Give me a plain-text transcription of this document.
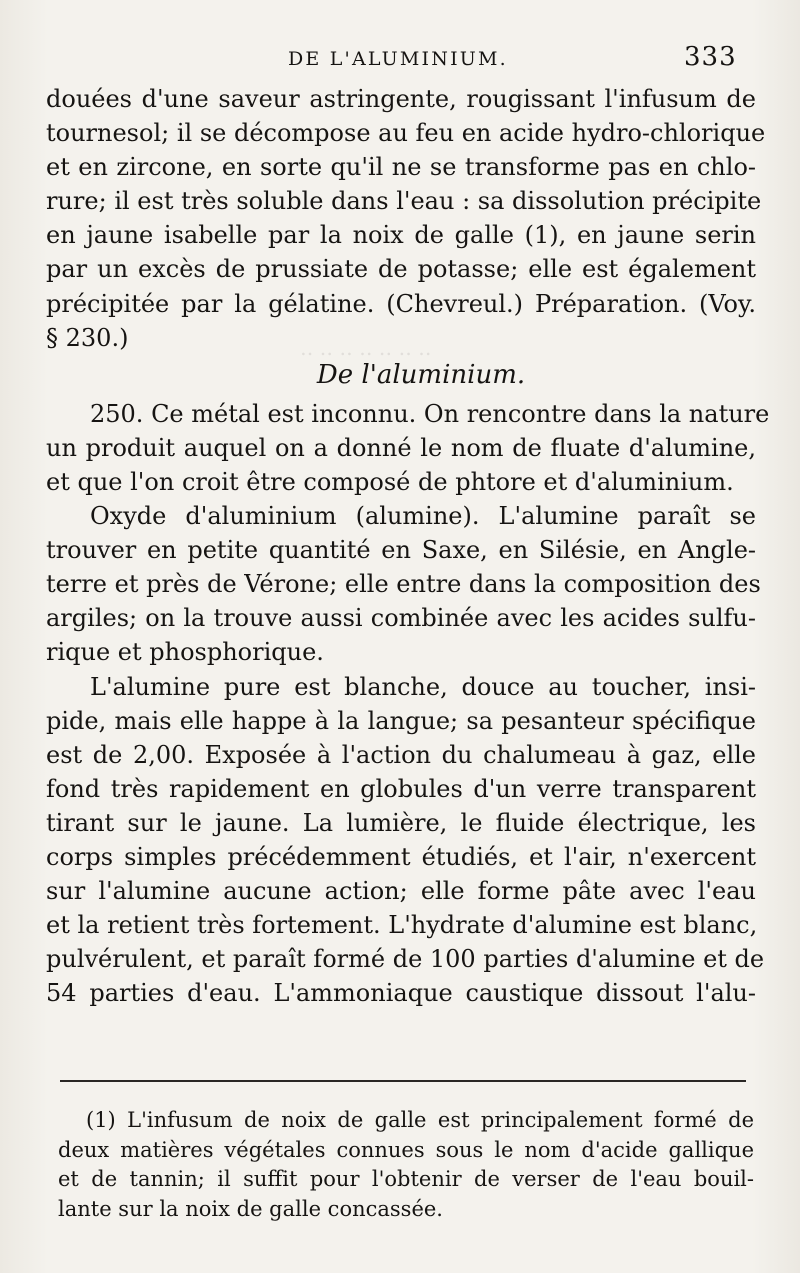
‥ ‥ ‥ ‥ ‥ ‥ ‥
DE L'ALUMINIUM.	333
douées d'une saveur astringente, rougissant l'infusum de
tournesol; il se décompose au feu en acide hydro-chlorique
et en zircone, en sorte qu'il ne se transforme pas en chlo-
rure; il est très soluble dans l'eau : sa dissolution précipite
en jaune isabelle par la noix de galle (1), en jaune serin
par un excès de prussiate de potasse; elle est également
précipitée par la gélatine. (Chevreul.) Préparation. (Voy.
§ 230.)
De l'aluminium.
250. Ce métal est inconnu. On rencontre dans la nature
un produit auquel on a donné le nom de fluate d'alumine,
et que l'on croit être composé de phtore et d'aluminium.
Oxyde d'aluminium (alumine). L'alumine paraît se
trouver en petite quantité en Saxe, en Silésie, en Angle-
terre et près de Vérone; elle entre dans la composition des
argiles; on la trouve aussi combinée avec les acides sulfu-
rique et phosphorique.
L'alumine pure est blanche, douce au toucher, insi-
pide, mais elle happe à la langue; sa pesanteur spécifique
est de 2,00. Exposée à l'action du chalumeau à gaz, elle
fond très rapidement en globules d'un verre transparent
tirant sur le jaune. La lumière, le fluide électrique, les
corps simples précédemment étudiés, et l'air, n'exercent
sur l'alumine aucune action; elle forme pâte avec l'eau
et la retient très fortement. L'hydrate d'alumine est blanc,
pulvérulent, et paraît formé de 100 parties d'alumine et de
54 parties d'eau. L'ammoniaque caustique dissout l'alu-
(1) L'infusum de noix de galle est principalement formé de
deux matières végétales connues sous le nom d'acide gallique
et de tannin; il suffit pour l'obtenir de verser de l'eau bouil-
lante sur la noix de galle concassée.
